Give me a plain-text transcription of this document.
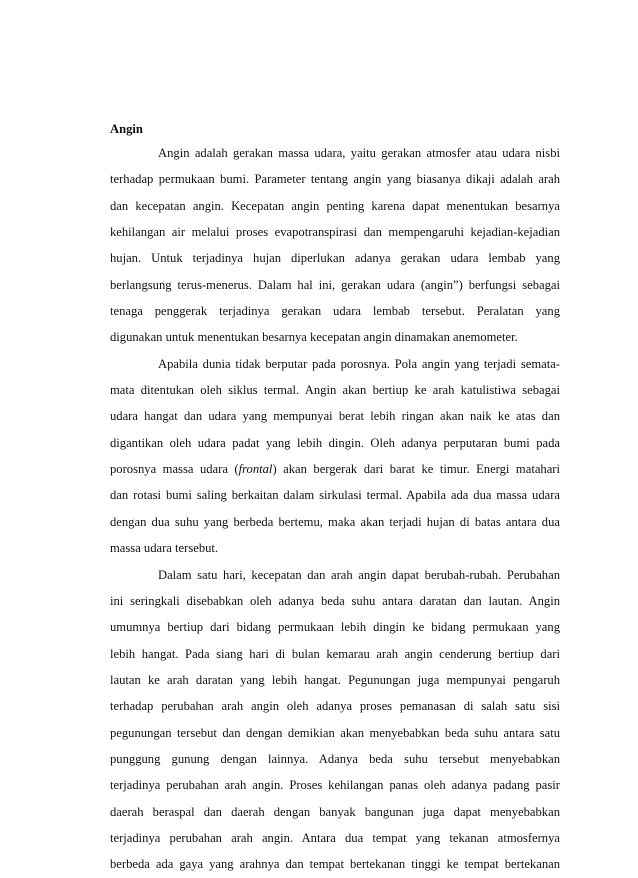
Angin

Angin adalah gerakan massa udara, yaitu gerakan atmosfer atau udara nisbi
terhadap permukaan bumi. Parameter tentang angin yang biasanya dikaji adalah arah
dan kecepatan angin. Kecepatan angin penting karena dapat menentukan besarnya
kehilangan air melalui proses evapotranspirasi dan mempengaruhi kejadian-kejadian
hujan. Untuk terjadinya hujan diperlukan adanya gerakan udara lembab yang
berlangsung terus-menerus. Dalam hal ini, gerakan udara (angin”) berfungsi sebagai
tenaga penggerak terjadinya gerakan udara lembab tersebut. Peralatan yang
digunakan untuk menentukan besarnya kecepatan angin dinamakan anemometer.
Apabila dunia tidak berputar pada porosnya. Pola angin yang terjadi semata-
mata ditentukan oleh siklus termal. Angin akan bertiup ke arah katulistiwa sebagai
udara hangat dan udara yang mempunyai berat lebih ringan akan naik ke atas dan
digantikan oleh udara padat yang lebih dingin. Oleh adanya perputaran bumi pada
porosnya massa udara (frontal) akan bergerak dari barat ke timur. Energi matahari
dan rotasi bumi saling berkaitan dalam sirkulasi termal. Apabila ada dua massa udara
dengan dua suhu yang berbeda bertemu, maka akan terjadi hujan di batas antara dua
massa udara tersebut.
Dalam satu hari, kecepatan dan arah angin dapat berubah-rubah. Perubahan
ini seringkali disebabkan oleh adanya beda suhu antara daratan dan lautan. Angin
umumnya bertiup dari bidang permukaan lebih dingin ke bidang permukaan yang
lebih hangat. Pada siang hari di bulan kemarau arah angin cenderung bertiup dari
lautan ke arah daratan yang lebih hangat. Pegunungan juga mempunyai pengaruh
terhadap perubahan arah angin oleh adanya proses pemanasan di salah satu sisi
pegunungan tersebut dan dengan demikian akan menyebabkan beda suhu antara satu
punggung gunung dengan lainnya. Adanya beda suhu tersebut menyebabkan
terjadinya perubahan arah angin. Proses kehilangan panas oleh adanya padang pasir
daerah beraspal dan daerah dengan banyak bangunan juga dapat menyebabkan
terjadinya perubahan arah angin. Antara dua tempat yang tekanan atmosfernya
berbeda ada gaya yang arahnya dan tempat bertekanan tinggi ke tempat bertekanan
